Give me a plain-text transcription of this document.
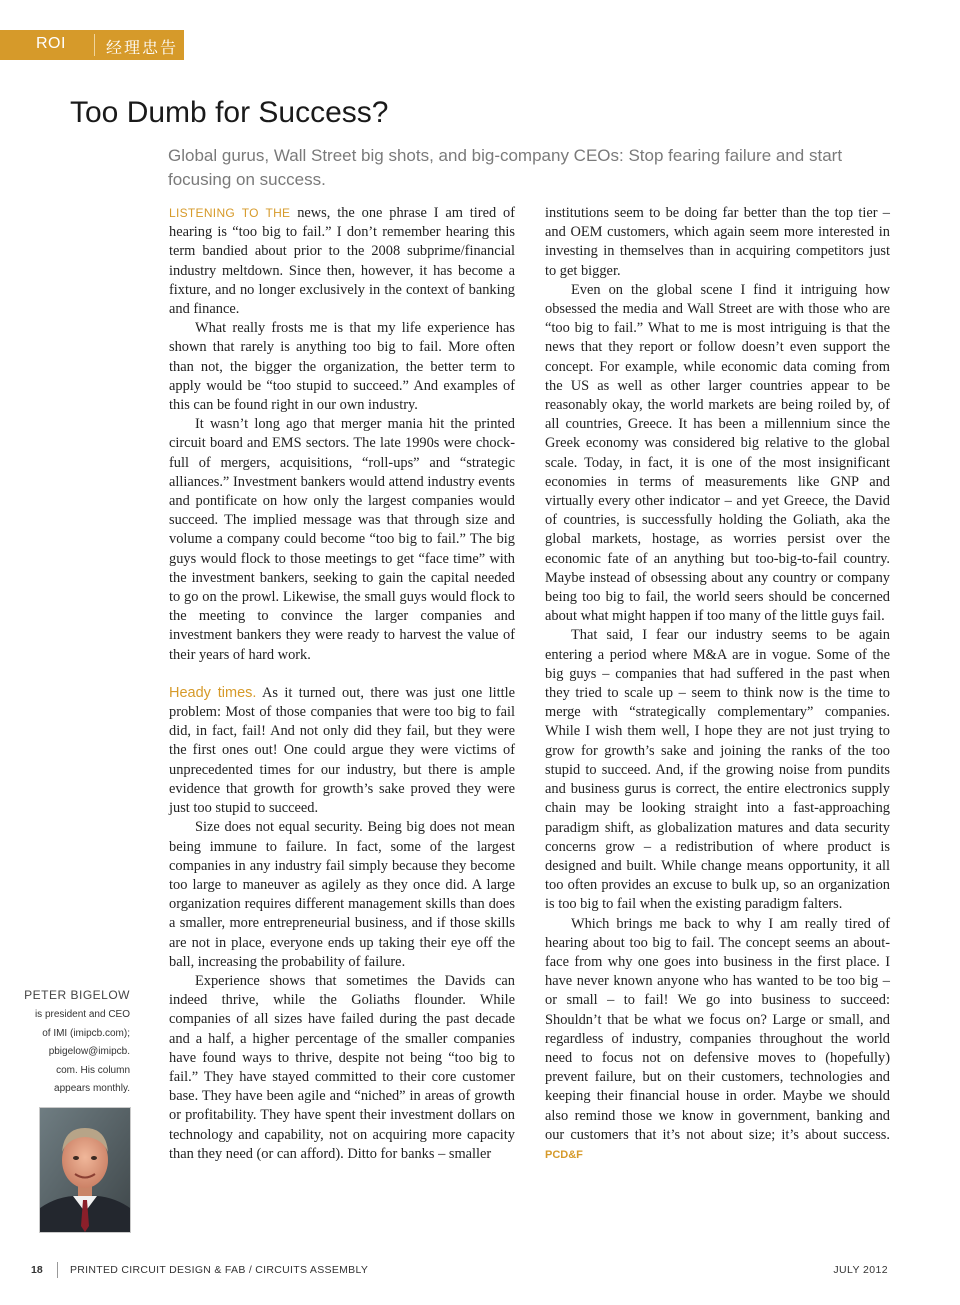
ROI	经理忠告
Too Dumb for Success?

Global gurus, Wall Street big shots, and big-company CEOs: Stop fearing failure and start focusing on success.

LISTENING TO THE news, the one phrase I am tired of hearing is “too big to fail.” I don’t remember hearing this term bandied about prior to the 2008 subprime/financial industry meltdown. Since then, however, it has become a fixture, and no longer exclusively in the context of banking and finance.

What really frosts me is that my life experience has shown that rarely is anything too big to fail. More often than not, the bigger the organization, the better term to apply would be “too stupid to succeed.” And examples of this can be found right in our own industry.

It wasn’t long ago that merger mania hit the printed circuit board and EMS sectors. The late 1990s were chock-full of mergers, acquisitions, “roll-ups” and “strategic alliances.” Investment bankers would attend industry events and pontificate on how only the largest companies would succeed. The implied message was that through size and volume a company could become “too big to fail.” The big guys would flock to those meetings to get “face time” with the investment bankers, seeking to gain the capital needed to go on the prowl. Likewise, the small guys would flock to the meeting to convince the larger companies and investment bankers they were ready to harvest the value of their years of hard work.

Heady times. As it turned out, there was just one little problem: Most of those companies that were too big to fail did, in fact, fail! And not only did they fail, but they were the first ones out! One could argue they were victims of unprecedented times for our industry, but there is ample evidence that growth for growth’s sake proved they were just too stupid to succeed.

Size does not equal security. Being big does not mean being immune to failure. In fact, some of the largest companies in any industry fail simply because they become too large to maneuver as agilely as they once did. A large organization requires different management skills than does a smaller, more entrepreneurial business, and if those skills are not in place, everyone ends up taking their eye off the ball, increasing the probability of failure.

Experience shows that sometimes the Davids can indeed thrive, while the Goliaths flounder. While companies of all sizes have failed during the past decade and a half, a higher percentage of the smaller companies have found ways to thrive, despite not being “too big to fail.” They have stayed committed to their core customer base. They have been agile and “niched” in areas of growth or profitability. They have spent their investment dollars on technology and capability, not on acquiring more capacity than they need (or can afford). Ditto for banks – smaller

institutions seem to be doing far better than the top tier – and OEM customers, which again seem more interested in investing in themselves than in acquiring competitors just to get bigger.

Even on the global scene I find it intriguing how obsessed the media and Wall Street are with those who are “too big to fail.” What to me is most intriguing is that the news that they report or follow doesn’t even support the concept. For example, while economic data coming from the US as well as other larger countries appear to be reasonably okay, the world markets are being roiled by, of all countries, Greece. It has been a millennium since the Greek economy was considered big relative to the global scale. Today, in fact, it is one of the most insignificant economies in terms of measurements like GNP and virtually every other indicator – and yet Greece, the David of countries, is successfully holding the Goliath, aka the global markets, hostage, as worries persist over the economic fate of an anything but too-big-to-fail country. Maybe instead of obsessing about any country or company being too big to fail, the world seers should be concerned about what might happen if too many of the little guys fail.

That said, I fear our industry seems to be again entering a period where M&A are in vogue. Some of the big guys – companies that had suffered in the past when they tried to scale up – seem to think now is the time to merge with “strategically complementary” companies. While I wish them well, I hope they are not just trying to grow for growth’s sake and joining the ranks of the too stupid to succeed. And, if the growing noise from pundits and business gurus is correct, the entire electronics supply chain may be looking straight into a fast-approaching paradigm shift, as globalization matures and data security concerns grow – a redistribution of where product is designed and built. While change means opportunity, it all too often provides an excuse to bulk up, so an organization is too big to fail when the existing paradigm falters.

Which brings me back to why I am really tired of hearing about too big to fail. The concept seems an about-face from why one goes into business in the first place. I have never known anyone who has wanted to be too big – or small – to fail! We go into business to succeed: Shouldn’t that be what we focus on? Large or small, and regardless of industry, companies throughout the world need to focus not on defensive moves to (hopefully) prevent failure, but on their customers, technologies and keeping their financial house in order. Maybe we should also remind those we know in government, banking and our customers that it’s not about size; it’s about success. PCD&F

PETER BIGELOW

is president and CEO
of IMI (imipcb.com);
pbigelow@imipcb.
com. His column
appears monthly.

18	PRINTED CIRCUIT DESIGN & FAB / CIRCUITS ASSEMBLY	JULY 2012
